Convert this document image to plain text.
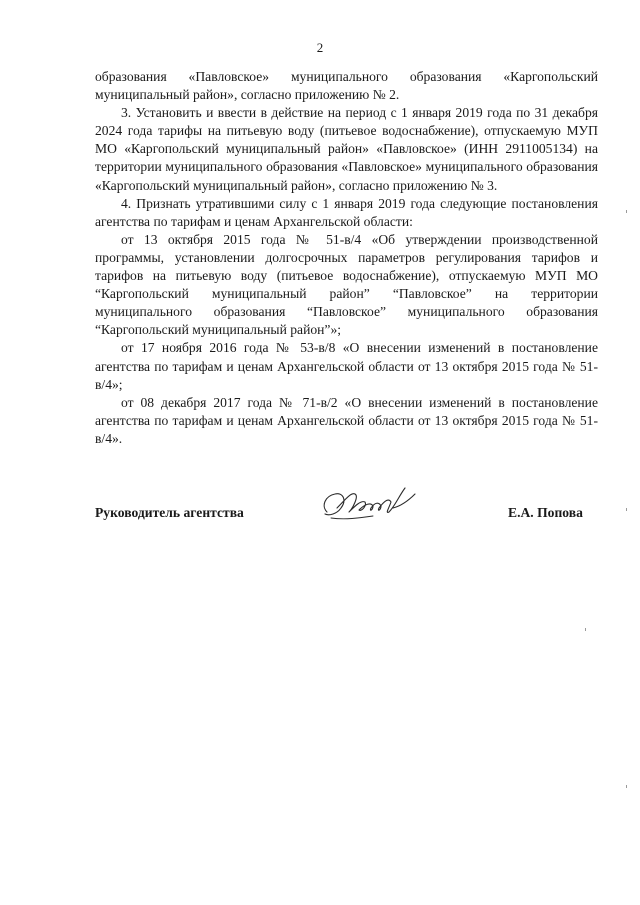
2

образования «Павловское» муниципального образования «Каргопольский муниципальный район», согласно приложению № 2.

3. Установить и ввести в действие на период с 1 января 2019 года по 31 декабря 2024 года тарифы на питьевую воду (питьевое водоснабжение), отпускаемую МУП МО «Каргопольский муниципальный район» «Павловское» (ИНН 2911005134) на территории муниципального образования «Павловское» муниципального образования «Каргопольский муниципальный район», согласно приложению № 3.

4. Признать утратившими силу с 1 января 2019 года следующие постановления агентства по тарифам и ценам Архангельской области:

от 13 октября 2015 года № 51-в/4 «Об утверждении производственной программы, установлении долгосрочных параметров регулирования тарифов и тарифов на питьевую воду (питьевое водоснабжение), отпускаемую МУП МО “Каргопольский муниципальный район” “Павловское” на территории муниципального образования “Павловское” муниципального образования “Каргопольский муниципальный район”»;

от 17 ноября 2016 года № 53-в/8 «О внесении изменений в постановление агентства по тарифам и ценам Архангельской области от 13 октября 2015 года № 51-в/4»;

от 08 декабря 2017 года № 71-в/2 «О внесении изменений в постановление агентства по тарифам и ценам Архангельской области от 13 октября 2015 года № 51-в/4».

Руководитель агентства	Е.А. Попова
